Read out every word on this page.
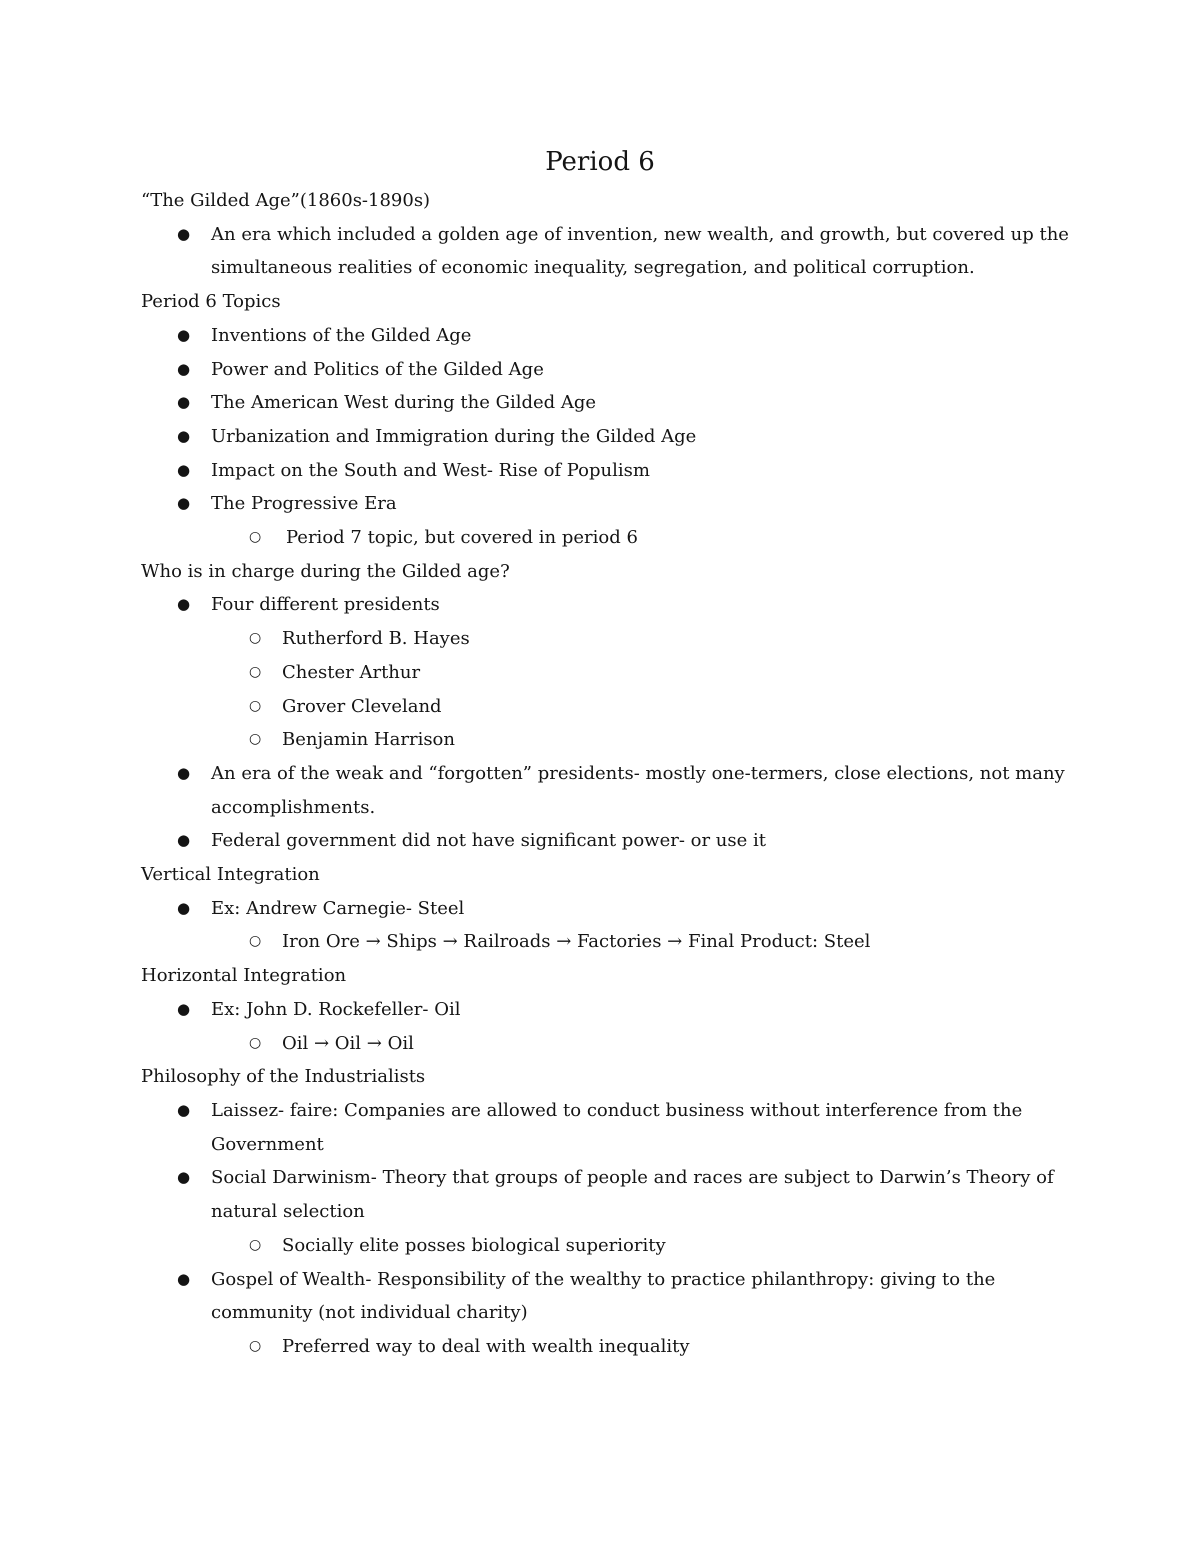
Period 6
“The Gilded Age”(1860s-1890s)
● An era which included a golden age of invention, new wealth, and growth, but covered up the simultaneous realities of economic inequality, segregation, and political corruption.
Period 6 Topics
● Inventions of the Gilded Age
● Power and Politics of the Gilded Age
● The American West during the Gilded Age
● Urbanization and Immigration during the Gilded Age
● Impact on the South and West- Rise of Populism
● The Progressive Era
○ Period 7 topic, but covered in period 6
Who is in charge during the Gilded age?
● Four different presidents
○ Rutherford B. Hayes
○ Chester Arthur
○ Grover Cleveland
○ Benjamin Harrison
● An era of the weak and “forgotten” presidents- mostly one-termers, close elections, not many accomplishments.
● Federal government did not have significant power- or use it
Vertical Integration
● Ex: Andrew Carnegie- Steel
○ Iron Ore → Ships → Railroads → Factories → Final Product: Steel
Horizontal Integration
● Ex: John D. Rockefeller- Oil
○ Oil → Oil → Oil
Philosophy of the Industrialists
● Laissez- faire: Companies are allowed to conduct business without interference from the Government
● Social Darwinism- Theory that groups of people and races are subject to Darwin’s Theory of natural selection
○ Socially elite posses biological superiority
● Gospel of Wealth- Responsibility of the wealthy to practice philanthropy: giving to the community (not individual charity)
○ Preferred way to deal with wealth inequality
